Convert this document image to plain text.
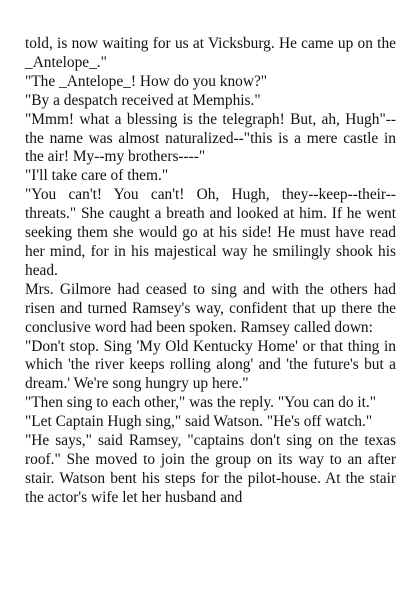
told, is now waiting for us at Vicksburg. He came up on the _Antelope_."

"The _Antelope_! How do you know?"

"By a despatch received at Memphis."

"Mmm! what a blessing is the telegraph! But, ah, Hugh"--the name was almost naturalized--"this is a mere castle in the air! My--my brothers----"

"I'll take care of them."

"You can't! You can't! Oh, Hugh, they--keep--their--threats." She caught a breath and looked at him. If he went seeking them she would go at his side! He must have read her mind, for in his majestical way he smilingly shook his head.

Mrs. Gilmore had ceased to sing and with the others had risen and turned Ramsey's way, confident that up there the conclusive word had been spoken. Ramsey called down:

"Don't stop. Sing 'My Old Kentucky Home' or that thing in which 'the river keeps rolling along' and 'the future's but a dream.' We're song hungry up here."

"Then sing to each other," was the reply. "You can do it."

"Let Captain Hugh sing," said Watson. "He's off watch."

"He says," said Ramsey, "captains don't sing on the texas roof." She moved to join the group on its way to an after stair. Watson bent his steps for the pilot-house. At the stair the actor's wife let her husband and
